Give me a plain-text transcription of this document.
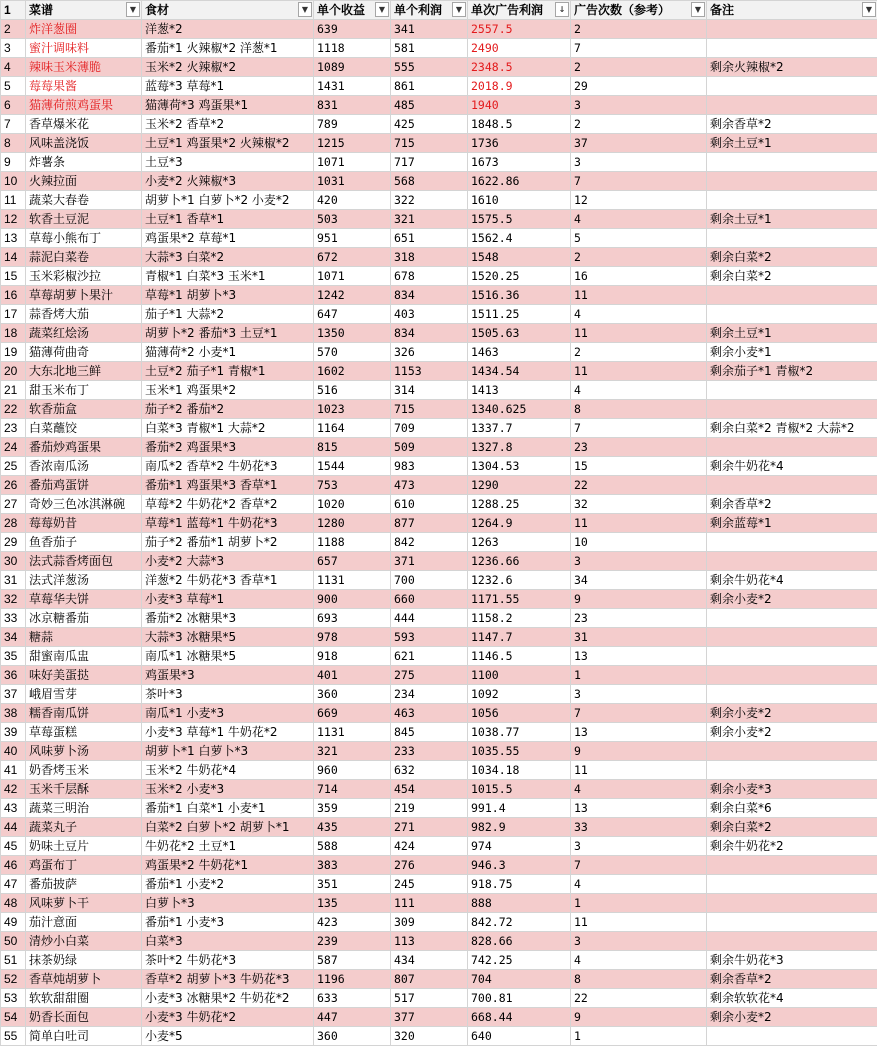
1	菜谱 ▼	食材 ▼	单个收益 ▼	单个利润 ▼	单次广告利润 ↓	广告次数（参考） ▼	备注 ▼

2	炸洋葱圈	洋葱*2	639	341	2557.5	2	
3	蜜汁调味料	番茄*1 火辣椒*2 洋葱*1	1118	581	2490	7	
4	辣味玉米薄脆	玉米*2 火辣椒*2	1089	555	2348.5	2	剩余火辣椒*2
5	莓莓果酱	蓝莓*3 草莓*1	1431	861	2018.9	29	
6	猫薄荷煎鸡蛋果	猫薄荷*3 鸡蛋果*1	831	485	1940	3	
7	香草爆米花	玉米*2 香草*2	789	425	1848.5	2	剩余香草*2
8	风味盖浇饭	土豆*1 鸡蛋果*2 火辣椒*2	1215	715	1736	37	剩余土豆*1
9	炸薯条	土豆*3	1071	717	1673	3	
10	火辣拉面	小麦*2 火辣椒*3	1031	568	1622.86	7	
11	蔬菜大春卷	胡萝卜*1 白萝卜*2 小麦*2	420	322	1610	12	
12	软香土豆泥	土豆*1 香草*1	503	321	1575.5	4	剩余土豆*1
13	草莓小熊布丁	鸡蛋果*2 草莓*1	951	651	1562.4	5	
14	蒜泥白菜卷	大蒜*3 白菜*2	672	318	1548	2	剩余白菜*2
15	玉米彩椒沙拉	青椒*1 白菜*3 玉米*1	1071	678	1520.25	16	剩余白菜*2
16	草莓胡萝卜果汁	草莓*1 胡萝卜*3	1242	834	1516.36	11	
17	蒜香烤大茄	茄子*1 大蒜*2	647	403	1511.25	4	
18	蔬菜红烩汤	胡萝卜*2 番茄*3 土豆*1	1350	834	1505.63	11	剩余土豆*1
19	猫薄荷曲奇	猫薄荷*2 小麦*1	570	326	1463	2	剩余小麦*1
20	大东北地三鲜	土豆*2 茄子*1 青椒*1	1602	1153	1434.54	11	剩余茄子*1 青椒*2
21	甜玉米布丁	玉米*1 鸡蛋果*2	516	314	1413	4	
22	软香茄盒	茄子*2 番茄*2	1023	715	1340.625	8	
23	白菜蘸饺	白菜*3 青椒*1 大蒜*2	1164	709	1337.7	7	剩余白菜*2 青椒*2 大蒜*2
24	番茄炒鸡蛋果	番茄*2 鸡蛋果*3	815	509	1327.8	23	
25	香浓南瓜汤	南瓜*2 香草*2 牛奶花*3	1544	983	1304.53	15	剩余牛奶花*4
26	番茄鸡蛋饼	番茄*1 鸡蛋果*3 香草*1	753	473	1290	22	
27	奇妙三色冰淇淋碗	草莓*2 牛奶花*2 香草*2	1020	610	1288.25	32	剩余香草*2
28	莓莓奶昔	草莓*1 蓝莓*1 牛奶花*3	1280	877	1264.9	11	剩余蓝莓*1
29	鱼香茄子	茄子*2 番茄*1 胡萝卜*2	1188	842	1263	10	
30	法式蒜香烤面包	小麦*2 大蒜*3	657	371	1236.66	3	
31	法式洋葱汤	洋葱*2 牛奶花*3 香草*1	1131	700	1232.6	34	剩余牛奶花*4
32	草莓华夫饼	小麦*3 草莓*1	900	660	1171.55	9	剩余小麦*2
33	冰京糖番茄	番茄*2 冰糖果*3	693	444	1158.2	23	
34	糖蒜	大蒜*3 冰糖果*5	978	593	1147.7	31	
35	甜蜜南瓜盅	南瓜*1 冰糖果*5	918	621	1146.5	13	
36	味好美蛋挞	鸡蛋果*3	401	275	1100	1	
37	峨眉雪芽	茶叶*3	360	234	1092	3	
38	糯香南瓜饼	南瓜*1 小麦*3	669	463	1056	7	剩余小麦*2
39	草莓蛋糕	小麦*3 草莓*1 牛奶花*2	1131	845	1038.77	13	剩余小麦*2
40	风味萝卜汤	胡萝卜*1 白萝卜*3	321	233	1035.55	9	
41	奶香烤玉米	玉米*2 牛奶花*4	960	632	1034.18	11	
42	玉米千层酥	玉米*2 小麦*3	714	454	1015.5	4	剩余小麦*3
43	蔬菜三明治	番茄*1 白菜*1 小麦*1	359	219	991.4	13	剩余白菜*6
44	蔬菜丸子	白菜*2 白萝卜*2 胡萝卜*1	435	271	982.9	33	剩余白菜*2
45	奶味土豆片	牛奶花*2 土豆*1	588	424	974	3	剩余牛奶花*2
46	鸡蛋布丁	鸡蛋果*2 牛奶花*1	383	276	946.3	7	
47	番茄披萨	番茄*1 小麦*2	351	245	918.75	4	
48	风味萝卜干	白萝卜*3	135	111	888	1	
49	茄汁意面	番茄*1 小麦*3	423	309	842.72	11	
50	清炒小白菜	白菜*3	239	113	828.66	3	
51	抹茶奶绿	茶叶*2 牛奶花*3	587	434	742.25	4	剩余牛奶花*3
52	香草炖胡萝卜	香草*2 胡萝卜*3 牛奶花*3	1196	807	704	8	剩余香草*2
53	软软甜甜圈	小麦*3 冰糖果*2 牛奶花*2	633	517	700.81	22	剩余软软花*4
54	奶香长面包	小麦*3 牛奶花*2	447	377	668.44	9	剩余小麦*2
55	简单白吐司	小麦*5	360	320	640	1	
